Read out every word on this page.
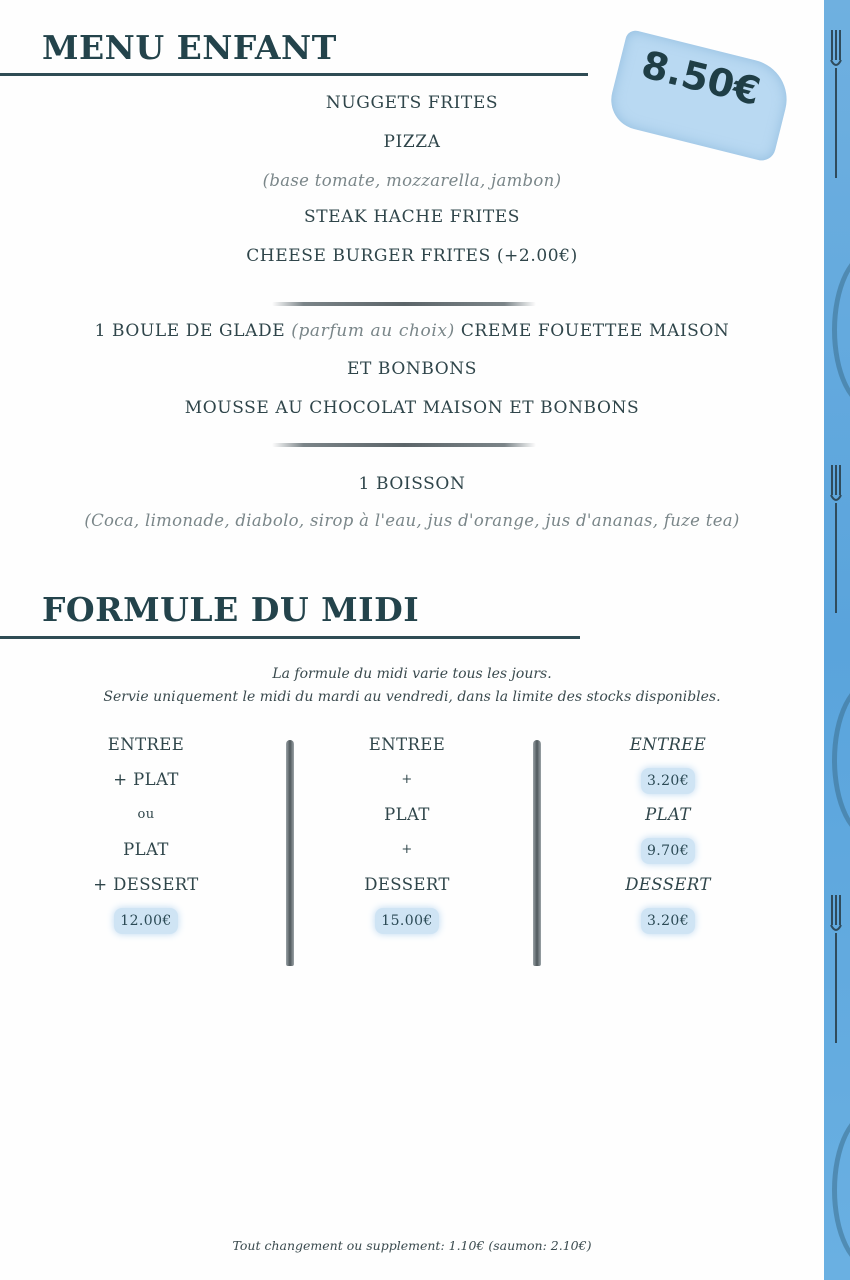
MENU ENFANT	8.50€

NUGGETS FRITES

PIZZA

(base tomate, mozzarella, jambon)

STEAK HACHE FRITES

CHEESE BURGER FRITES (+2.00€)

1 BOULE DE GLADE (parfum au choix) CREME FOUETTEE MAISON

ET BONBONS

MOUSSE AU CHOCOLAT MAISON ET BONBONS

1 BOISSON

(Coca, limonade, diabolo, sirop à l'eau, jus d'orange, jus d'ananas, fuze tea)

FORMULE DU MIDI

La formule du midi varie tous les jours.

Servie uniquement le midi du mardi au vendredi, dans la limite des stocks disponibles.

ENTREE
+ PLAT
ou
PLAT
+ DESSERT
12.00€
ENTREE
+
PLAT
+
DESSERT
15.00€
ENTREE
3.20€
PLAT
9.70€
DESSERT
3.20€

Tout changement ou supplement: 1.10€ (saumon: 2.10€)
